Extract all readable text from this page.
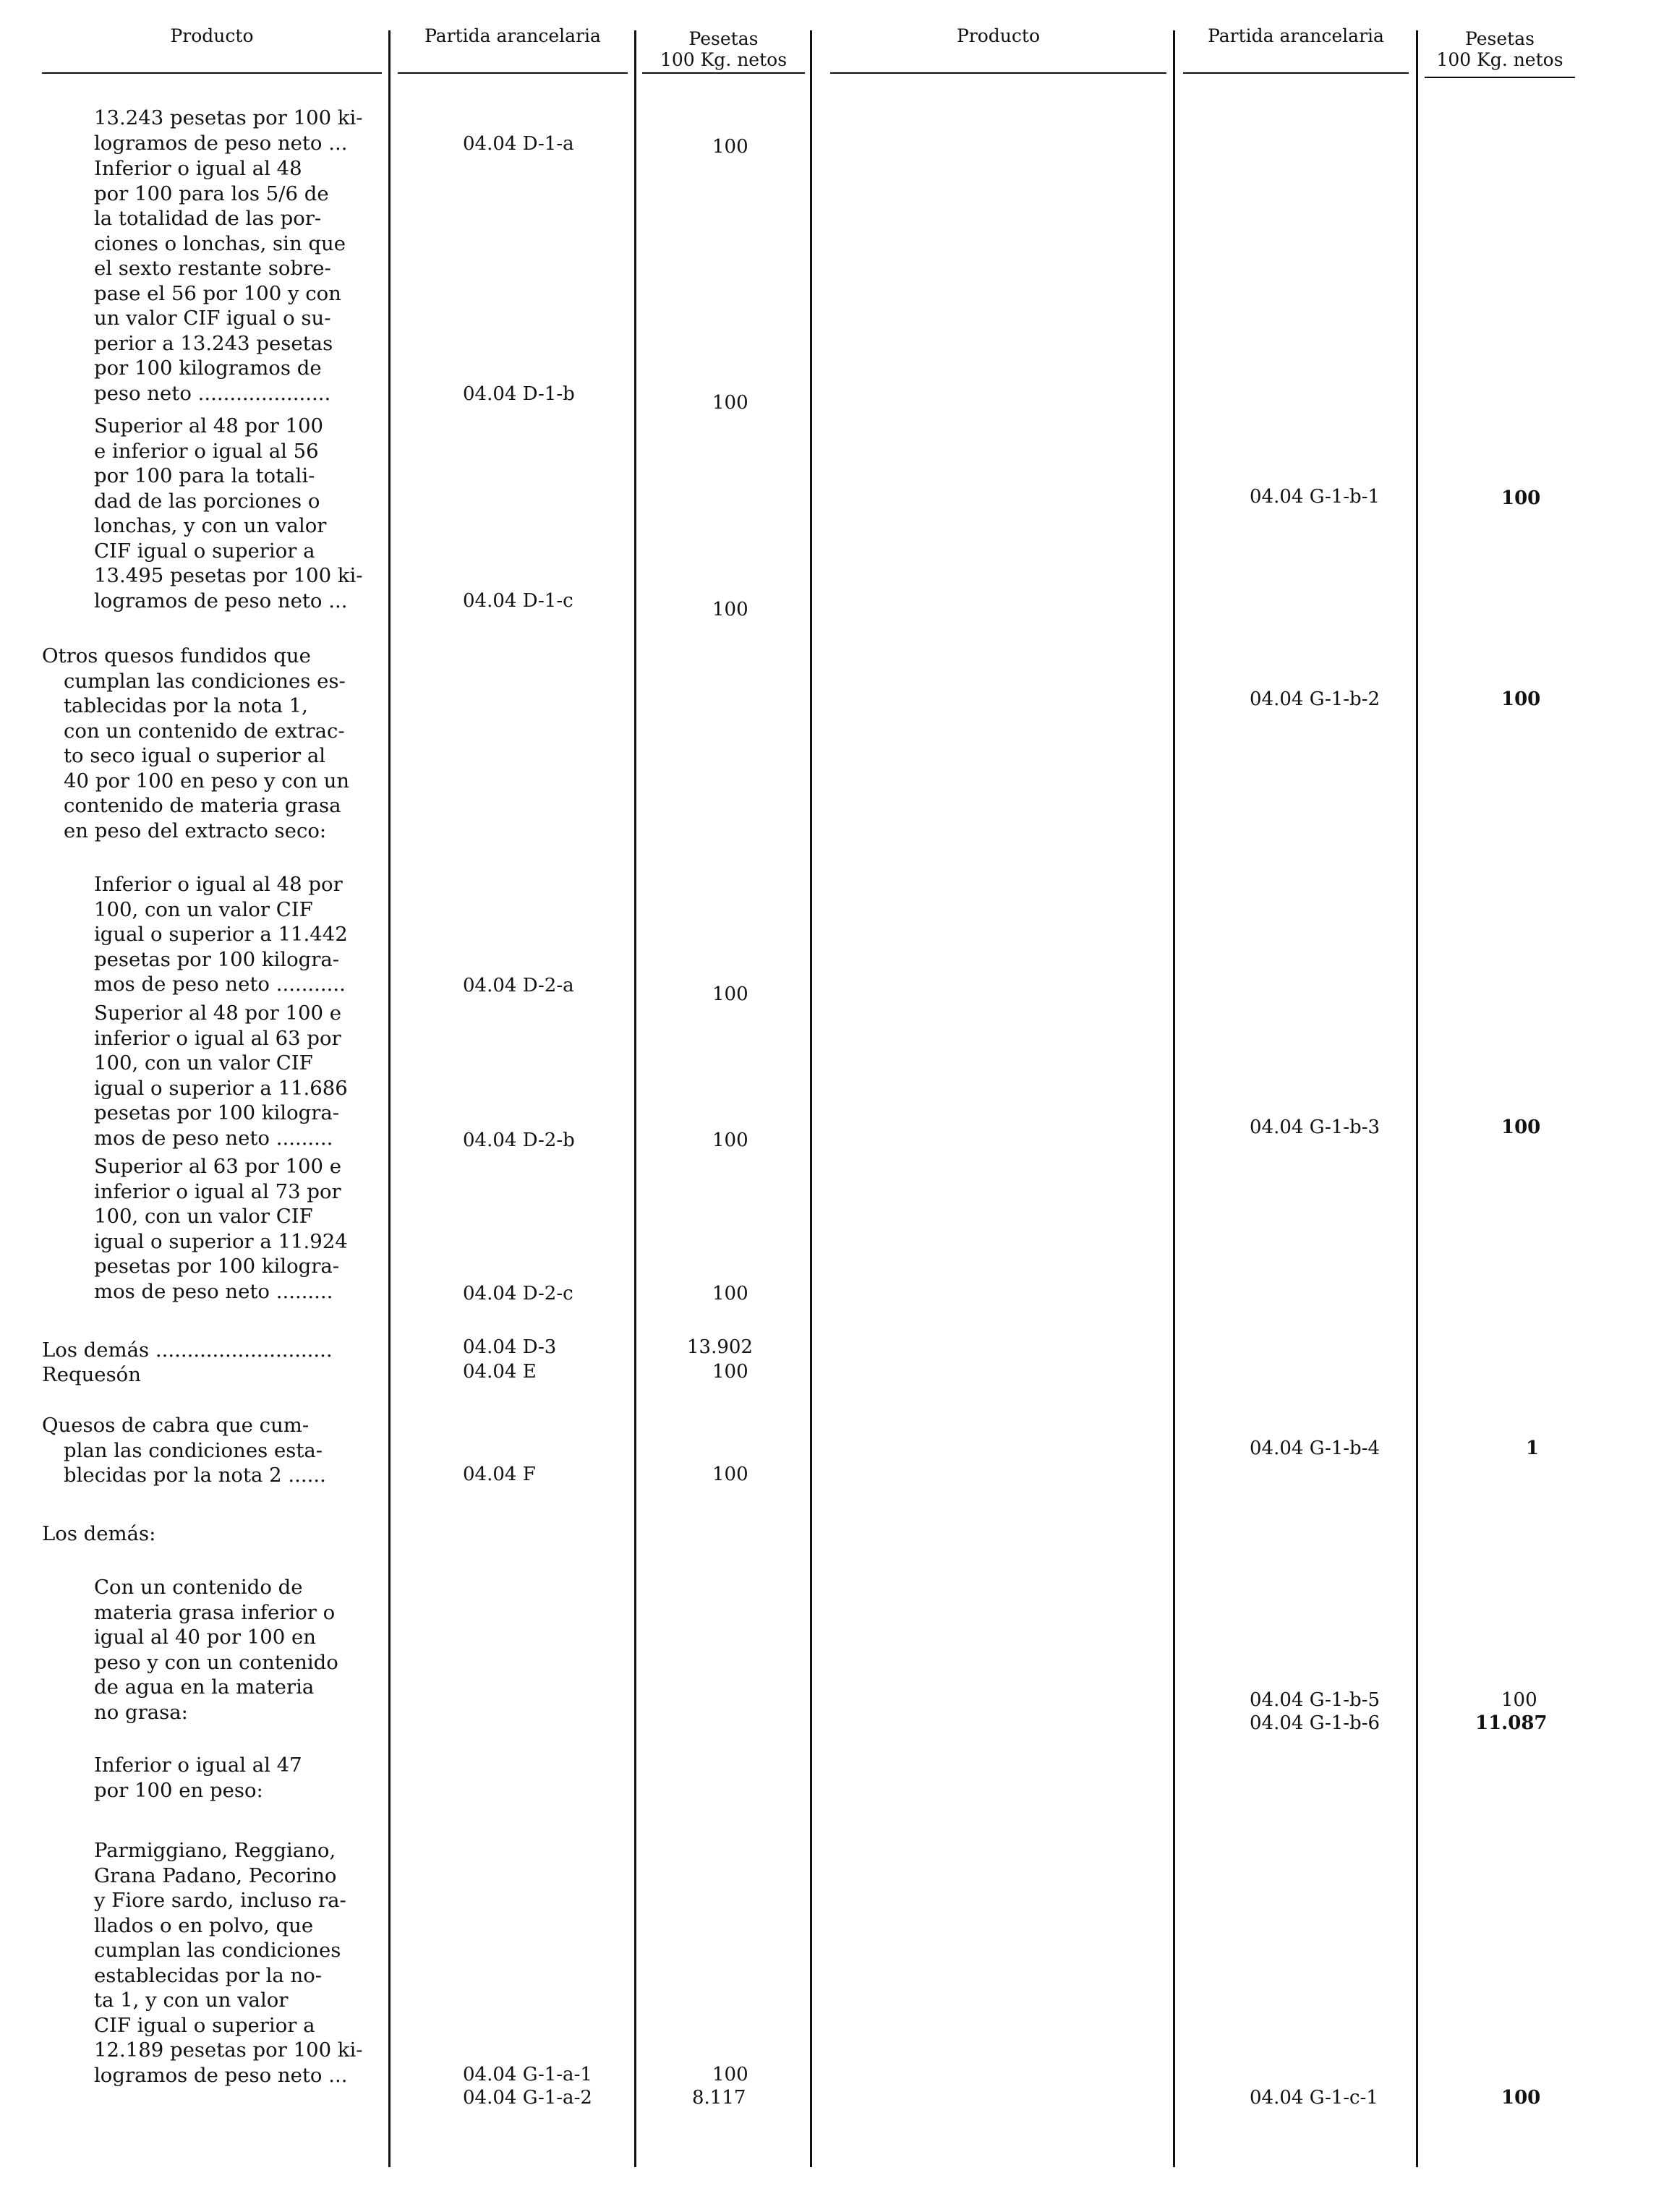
Producto	Partida arancelaria	Pesetas
100 Kg. netos
Producto	Partida arancelaria	Pesetas
100 Kg. netos
13.243 pesetas por 100 ki-
logramos de peso neto ...	04.04 D-1-a	100
Inferior o igual al 48
por 100 para los 5/6 de
la totalidad de las por-
ciones o lonchas, sin que
el sexto restante sobre-
pase el 56 por 100 y con
un valor CIF igual o su-
perior a 13.243 pesetas
por 100 kilogramos de
peso neto .....................	04.04 D-1-b	100
Superior al 48 por 100
e inferior o igual al 56
por 100 para la totali-
dad de las porciones o
lonchas, y con un valor
CIF igual o superior a
13.495 pesetas por 100 ki-
logramos de peso neto ...	04.04 D-1-c	100
Otros quesos fundidos que
cumplan las condiciones es-
tablecidas por la nota 1,
con un contenido de extrac-
to seco igual o superior al
40 por 100 en peso y con un
contenido de materia grasa
en peso del extracto seco:
Inferior o igual al 48 por
100, con un valor CIF
igual o superior a 11.442
pesetas por 100 kilogra-
mos de peso neto ...........	04.04 D-2-a	100
Superior al 48 por 100 e
inferior o igual al 63 por
100, con un valor CIF
igual o superior a 11.686
pesetas por 100 kilogra-
mos de peso neto .........	04.04 D-2-b	100
Superior al 63 por 100 e
inferior o igual al 73 por
100, con un valor CIF
igual o superior a 11.924
pesetas por 100 kilogra-
mos de peso neto .........	04.04 D-2-c	100
Los demás ............................	04.04 D-3	13.902
Requesón	04.04 E	100
Quesos de cabra que cum-
plan las condiciones esta-
blecidas por la nota 2 ......	04.04 F	100
Los demás:
Con un contenido de
materia grasa inferior o
igual al 40 por 100 en
peso y con un contenido
de agua en la materia
no grasa:
Inferior o igual al 47
por 100 en peso:
Parmiggiano, Reggiano,
Grana Padano, Pecorino
y Fiore sardo, incluso ra-
llados o en polvo, que
cumplan las condiciones
establecidas por la no-
ta 1, y con un valor
CIF igual o superior a
12.189 pesetas por 100 ki-
logramos de peso neto ...	04.04 G-1-a-1	100
04.04 G-1-a-2	8.117
04.04 G-1-b-1	100
04.04 G-1-b-2	100
04.04 G-1-b-3	100
04.04 G-1-b-4	1
04.04 G-1-b-5	100
04.04 G-1-b-6	11.087
04.04 G-1-c-1	100
